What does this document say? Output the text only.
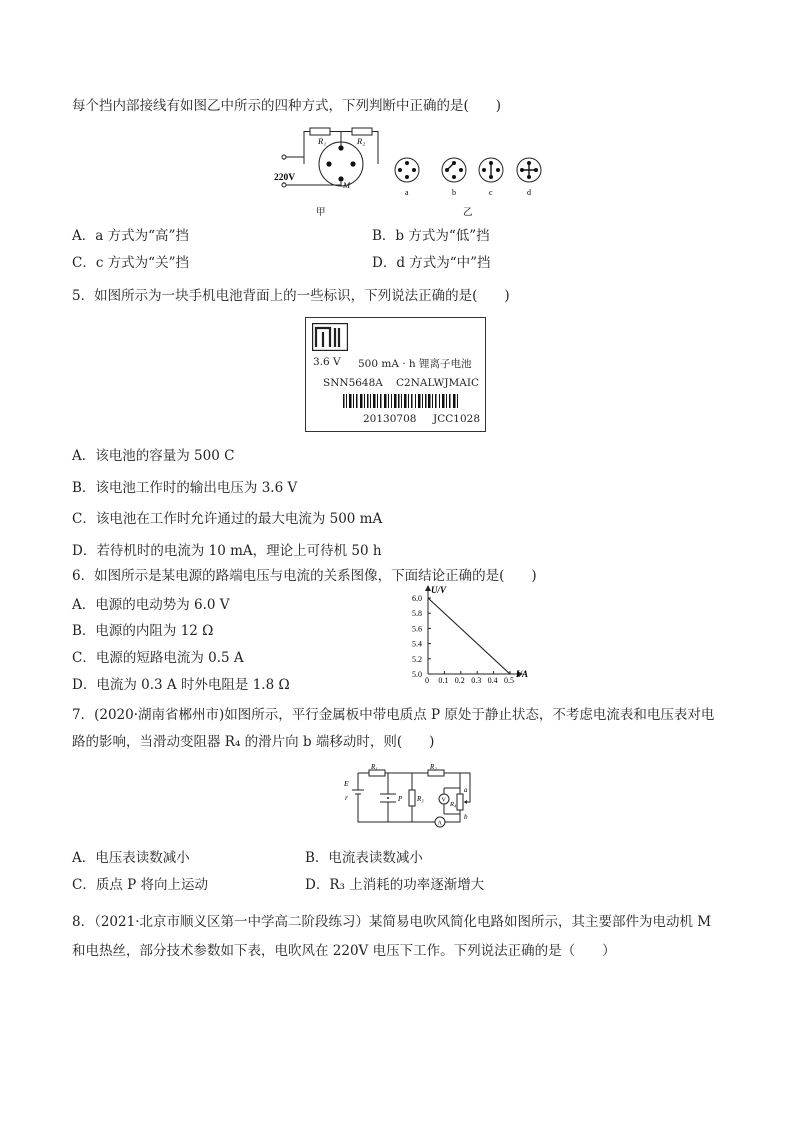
每个挡内部接线有如图乙中所示的四种方式，下列判断中正确的是(　　)
R₁	R₂
M
220V
甲
a	b	c	d
乙
A．a 方式为“高”挡	B．b 方式为“低”挡
C．c 方式为“关”挡	D．d 方式为“中”挡
5．如图所示为一块手机电池背面上的一些标识，下列说法正确的是(　　)
3.6 V 500 mA · h 锂离子电池
SNN5648A C2NALWJMAIC
20130708 JCC1028
A．该电池的容量为 500 C
B．该电池工作时的输出电压为 3.6 V
C．该电池在工作时允许通过的最大电流为 500 mA
D．若待机时的电流为 10 mA，理论上可待机 50 h
6．如图所示是某电源的路端电压与电流的关系图像，下面结论正确的是(　　)
A．电源的电动势为 6.0 V
B．电源的内阻为 12 Ω
C．电源的短路电流为 0.5 A
D．电流为 0.3 A 时外电阻是 1.8 Ω	0 0.1 0.2 0.3 0.4 0.5
5.0
5.2
5.4
5.6
5.8
6.0
I/A
U/V
7．(2020·湖南省郴州市)如图所示，平行金属板中带电质点 P 原处于静止状态，不考虑电流表和电压表对电
路的影响，当滑动变阻器 R₄ 的滑片向 b 端移动时，则(　　)
E
r
R₁	R₂
P R₃
a
b
R₄
V
A
A．电压表读数减小	B．电流表读数减小
C．质点 P 将向上运动	D．R₃ 上消耗的功率逐渐增大
8．（2021·北京市顺义区第一中学高二阶段练习）某简易电吹风简化电路如图所示，其主要部件为电动机 M
和电热丝，部分技术参数如下表，电吹风在 220V 电压下工作。下列说法正确的是（　　）
